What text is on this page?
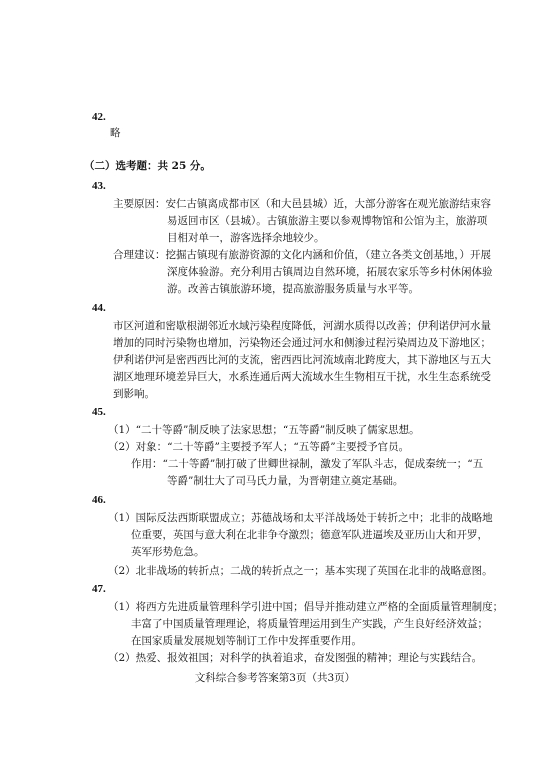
42.
略
（二）选考题：共 25 分。
43.
主要原因：安仁古镇离成都市区（和大邑县城）近，大部分游客在观光旅游结束容
易返回市区（县城）。古镇旅游主要以参观博物馆和公馆为主，旅游项
目相对单一，游客选择余地较少。
合理建议：挖掘古镇现有旅游资源的文化内涵和价值，（建立各类文创基地，）开展
深度体验游。充分利用古镇周边自然环境，拓展农家乐等乡村休闲体验
游。改善古镇旅游环境，提高旅游服务质量与水平等。
44.
市区河道和密歇根湖邻近水域污染程度降低，河湖水质得以改善；伊利诺伊河水量
增加的同时污染物也增加，污染物还会通过河水和侧渗过程污染周边及下游地区；
伊利诺伊河是密西西比河的支流，密西西比河流域南北跨度大，其下游地区与五大
湖区地理环境差异巨大，水系连通后两大流域水生生物相互干扰，水生生态系统受
到影响。
45.
（1）“二十等爵”制反映了法家思想；“五等爵”制反映了儒家思想。
（2）对象：“二十等爵”主要授予军人；“五等爵”主要授予官员。
作用：“二十等爵”制打破了世卿世禄制，激发了军队斗志，促成秦统一；“五
等爵”制壮大了司马氏力量，为晋朝建立奠定基础。
46.
（1）国际反法西斯联盟成立；苏德战场和太平洋战场处于转折之中；北非的战略地
位重要，英国与意大利在北非争夺激烈；德意军队进逼埃及亚历山大和开罗，
英军形势危急。
（2）北非战场的转折点；二战的转折点之一；基本实现了英国在北非的战略意图。
47.
（1）将西方先进质量管理科学引进中国；倡导并推动建立严格的全面质量管理制度；
丰富了中国质量管理理论，将质量管理运用到生产实践，产生良好经济效益；
在国家质量发展规划等制订工作中发挥重要作用。
（2）热爱、报效祖国；对科学的执着追求，奋发图强的精神；理论与实践结合。
文科综合参考答案第3页（共3页）
